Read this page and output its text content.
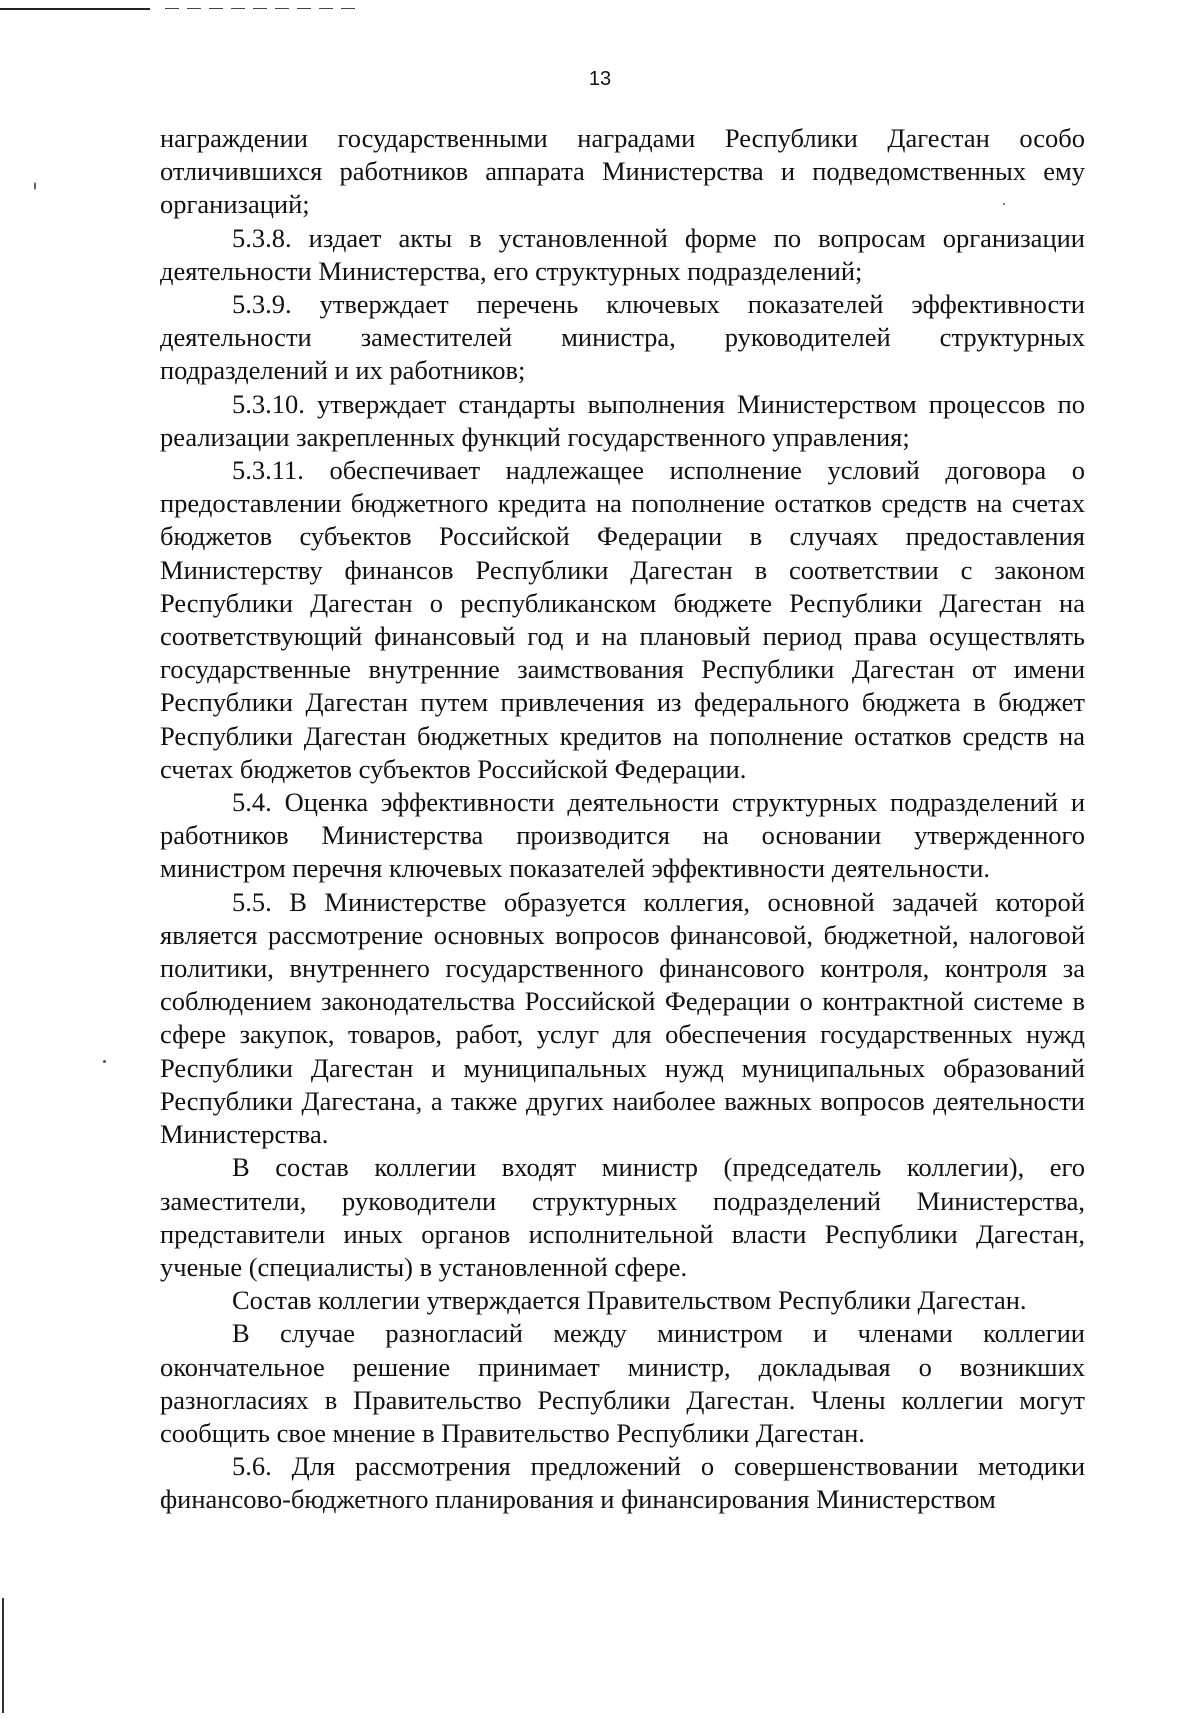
13

награждении государственными наградами Республики Дагестан особо отличившихся работников аппарата Министерства и подведомственных ему организаций;

5.3.8. издает акты в установленной форме по вопросам организации деятельности Министерства, его структурных подразделений;

5.3.9. утверждает перечень ключевых показателей эффективности деятельности заместителей министра, руководителей структурных подразделений и их работников;

5.3.10. утверждает стандарты выполнения Министерством процессов по реализации закрепленных функций государственного управления;

5.3.11. обеспечивает надлежащее исполнение условий договора о предоставлении бюджетного кредита на пополнение остатков средств на счетах бюджетов субъектов Российской Федерации в случаях предоставления Министерству финансов Республики Дагестан в соответствии с законом Республики Дагестан о республиканском бюджете Республики Дагестан на соответствующий финансовый год и на плановый период права осуществлять государственные внутренние заимствования Республики Дагестан от имени Республики Дагестан путем привлечения из федерального бюджета в бюджет Республики Дагестан бюджетных кредитов на пополнение остатков средств на счетах бюджетов субъектов Российской Федерации.

5.4. Оценка эффективности деятельности структурных подразделений и работников Министерства производится на основании утвержденного министром перечня ключевых показателей эффективности деятельности.

5.5. В Министерстве образуется коллегия, основной задачей которой является рассмотрение основных вопросов финансовой, бюджетной, налоговой политики, внутреннего государственного финансового контроля, контроля за соблюдением законодательства Российской Федерации о контрактной системе в сфере закупок, товаров, работ, услуг для обеспечения государственных нужд Республики Дагестан и муниципальных нужд муниципальных образований Республики Дагестана, а также других наиболее важных вопросов деятельности Министерства.

В состав коллегии входят министр (председатель коллегии), его заместители, руководители структурных подразделений Министерства, представители иных органов исполнительной власти Республики Дагестан, ученые (специалисты) в установленной сфере.

Состав коллегии утверждается Правительством Республики Дагестан.

В случае разногласий между министром и членами коллегии окончательное решение принимает министр, докладывая о возникших разногласиях в Правительство Республики Дагестан. Члены коллегии могут сообщить свое мнение в Правительство Республики Дагестан.

5.6. Для рассмотрения предложений о совершенствовании методики финансово-бюджетного планирования и финансирования Министерством
